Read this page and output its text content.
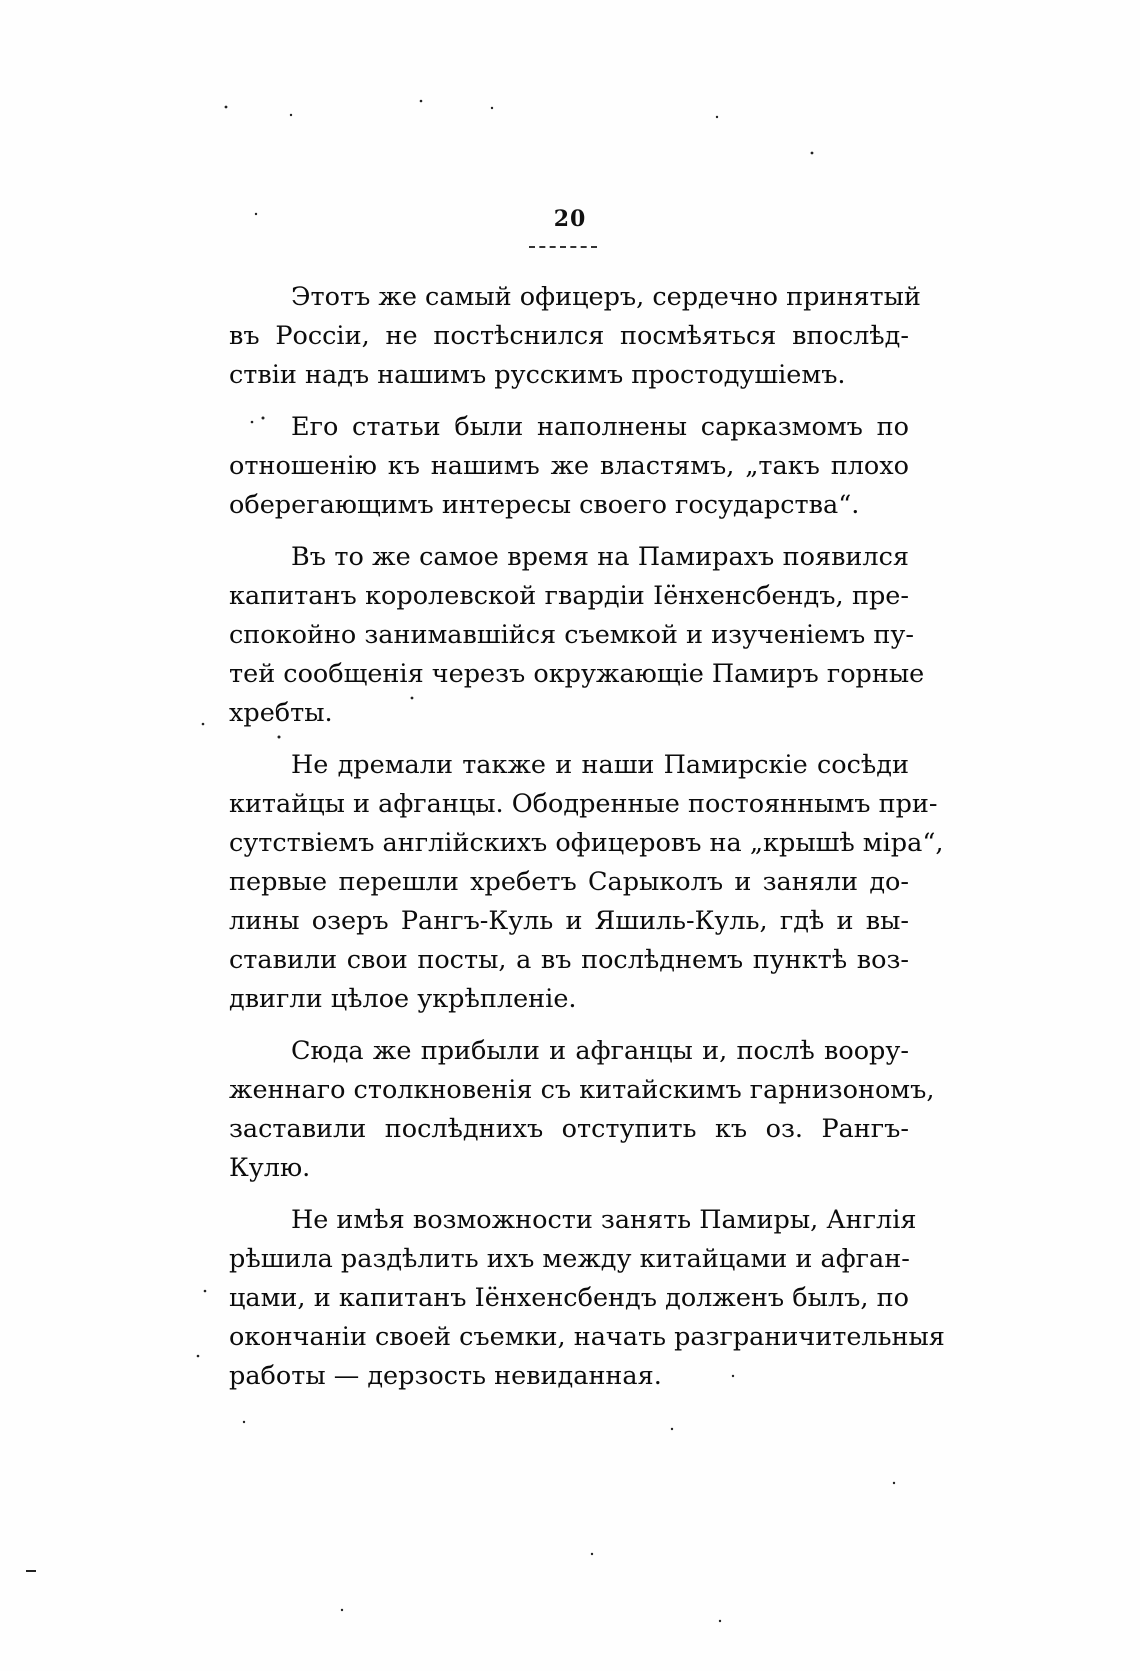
20
Этотъ же самый офицеръ, сердечно принятый
въ Россiи, не постѣснился посмѣяться впослѣд-
ствiи надъ нашимъ русскимъ простодушiемъ.
Его статьи были наполнены сарказмомъ по
отношенiю къ нашимъ же властямъ, „такъ плохо
оберегающимъ интересы своего государства“.
Въ то же самое время на Памирахъ появился
капитанъ королевской гвардiи Iёнхенсбендъ, пре-
спокойно занимавшiйся съемкой и изученiемъ пу-
тей сообщенiя черезъ окружающiе Памиръ горные
хребты.
Не дремали также и наши Памирскiе сосѣди
китайцы и афганцы. Ободренные постояннымъ при-
сутствiемъ англiйскихъ офицеровъ на „крышѣ мiра“,
первые перешли хребетъ Сарыколъ и заняли до-
лины озеръ Рангъ-Куль и Яшиль-Куль, гдѣ и вы-
ставили свои посты, а въ послѣднемъ пунктѣ воз-
двигли цѣлое укрѣпленiе.
Сюда же прибыли и афганцы и, послѣ воору-
женнаго столкновенiя съ китайскимъ гарнизономъ,
заставили послѣднихъ отступить къ оз. Рангъ-
Кулю.
Не имѣя возможности занять Памиры, Англiя
рѣшила раздѣлить ихъ между китайцами и афган-
цами, и капитанъ Iёнхенсбендъ долженъ былъ, по
окончанiи своей съемки, начать разграничительныя
работы — дерзость невиданная.
